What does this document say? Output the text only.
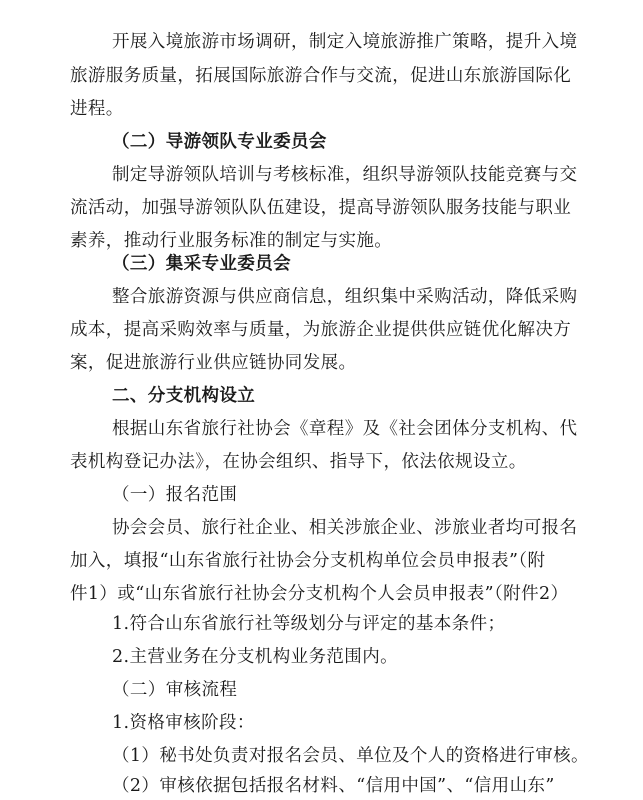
开展入境旅游市场调研，制定入境旅游推广策略，提升入境
旅游服务质量，拓展国际旅游合作与交流，促进山东旅游国际化
进程。
（二）导游领队专业委员会
制定导游领队培训与考核标准，组织导游领队技能竞赛与交
流活动，加强导游领队队伍建设，提高导游领队服务技能与职业
素养，推动行业服务标准的制定与实施。
（三）集采专业委员会
整合旅游资源与供应商信息，组织集中采购活动，降低采购
成本，提高采购效率与质量，为旅游企业提供供应链优化解决方
案，促进旅游行业供应链协同发展。
二、分支机构设立
根据山东省旅行社协会《章程》及《社会团体分支机构、代
表机构登记办法》，在协会组织、指导下，依法依规设立。
（一）报名范围
协会会员、旅行社企业、相关涉旅企业、涉旅业者均可报名
加入，填报“山东省旅行社协会分支机构单位会员申报表”（附
件1）或“山东省旅行社协会分支机构个人会员申报表”（附件2）
1.符合山东省旅行社等级划分与评定的基本条件；
2.主营业务在分支机构业务范围内。
（二）审核流程
1.资格审核阶段：
（1）秘书处负责对报名会员、单位及个人的资格进行审核。
（2）审核依据包括报名材料、“信用中国”、“信用山东”
